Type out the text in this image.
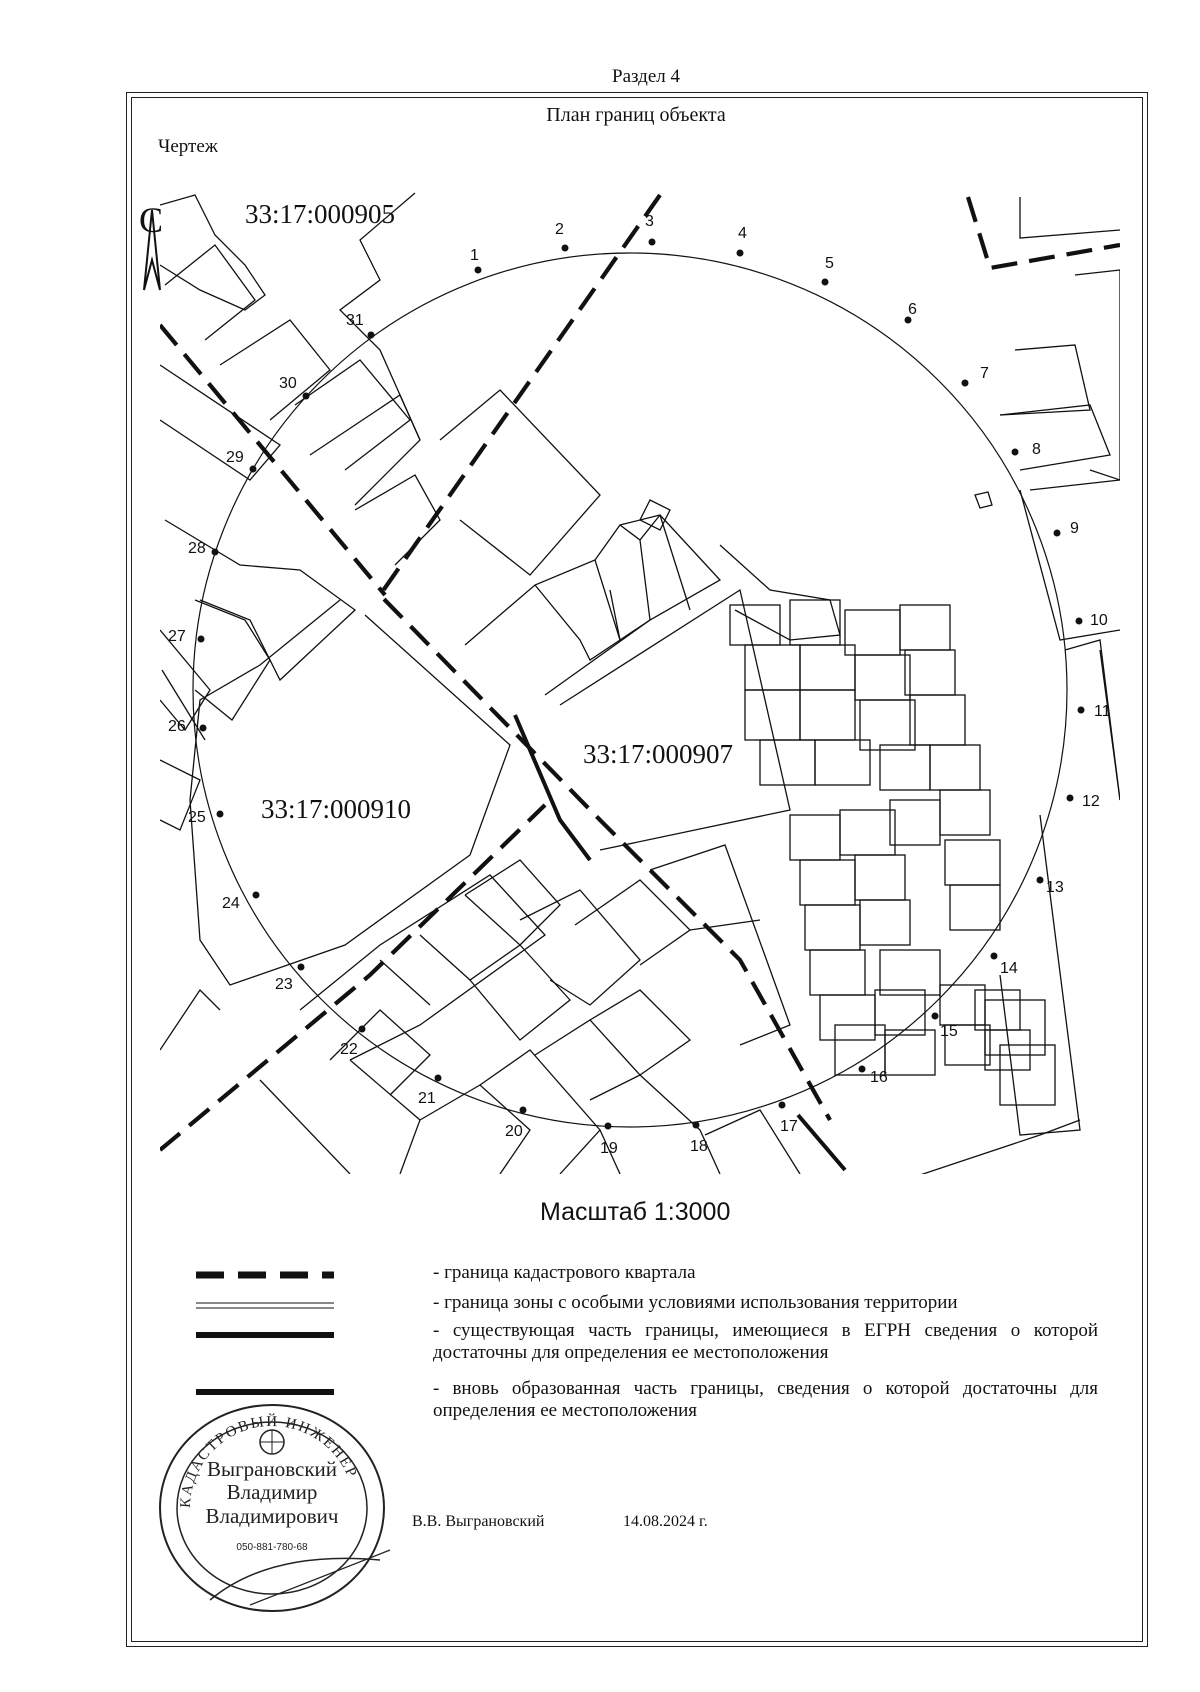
Раздел 4
План границ объекта
Чертеж
С	33:17:000905
33:17:000907
33:17:000910
1
2	3
4
5
6
7
8
9
10
11
12
13
14
15
16
17
18
19
20
21
22
23
24
25
26
27
28
29
30
31
Масштаб 1:3000
- граница кадастрового квартала
- граница зоны с особыми условиями использования территории
- существующая часть границы, имеющиеся в ЕГРН сведения о которой достаточны для определения ее местоположения
- вновь образованная часть границы, сведения о которой достаточны для определения ее местоположения
КАДАСТРОВЫЙ ИНЖЕНЕР
Выграновский
Владимир
Владимирович
050-881-780-68
В.В. Выграновский	14.08.2024 г.
